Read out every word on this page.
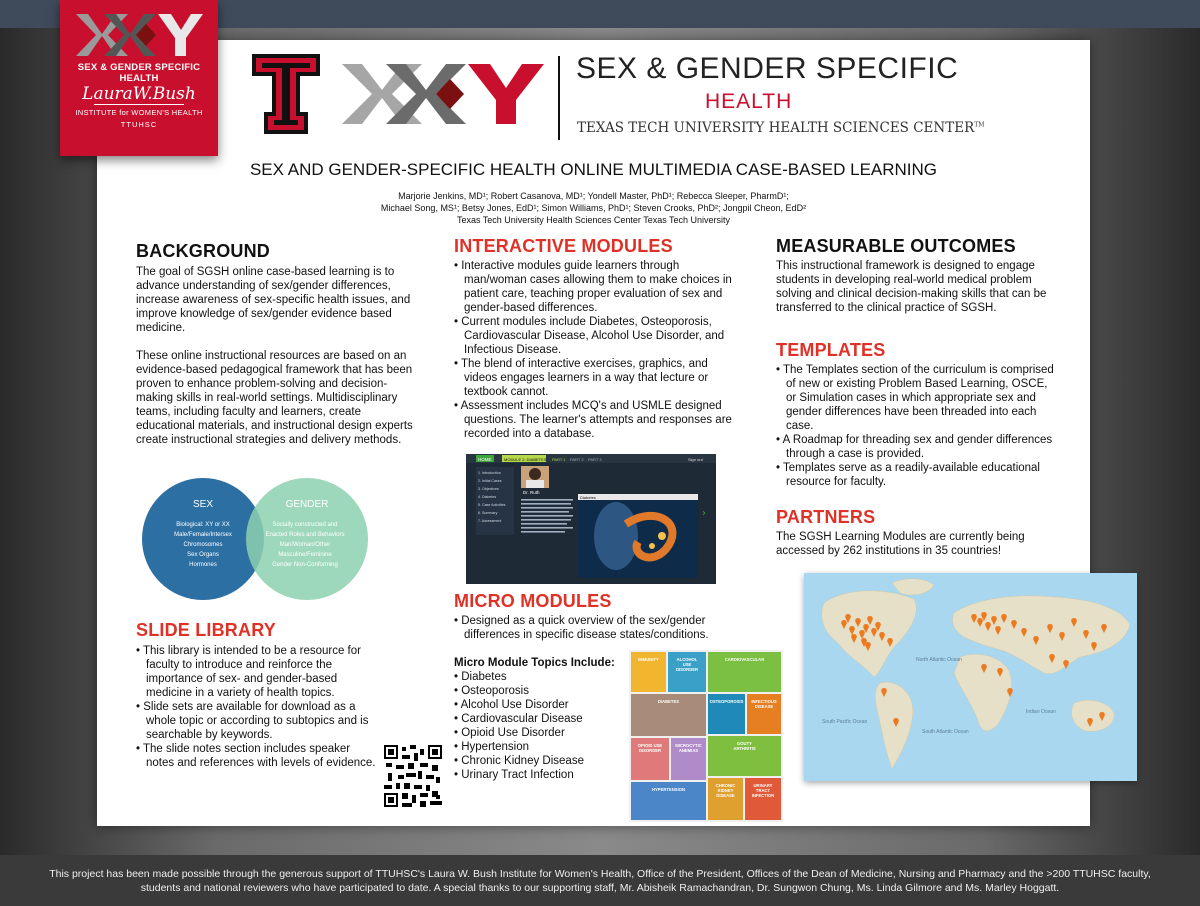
SEX & GENDER SPECIFIC HEALTH
LauraW.Bush
INSTITUTE for WOMEN'S HEALTH
TTUHSC
SEX & GENDER SPECIFIC
HEALTH
TEXAS TECH UNIVERSITY HEALTH SCIENCES CENTER™
SEX AND GENDER-SPECIFIC HEALTH ONLINE MULTIMEDIA CASE-BASED LEARNING
Marjorie Jenkins, MD¹; Robert Casanova, MD¹; Yondell Master, PhD¹; Rebecca Sleeper, PharmD¹;
Michael Song, MS¹; Betsy Jones, EdD¹; Simon Williams, PhD¹; Steven Crooks, PhD²; Jongpil Cheon, EdD²
Texas Tech University Health Sciences Center Texas Tech University
BACKGROUND

The goal of SGSH online case-based learning is to advance understanding of sex/gender differences, increase awareness of sex-specific health issues, and improve knowledge of sex/gender evidence based medicine.

These online instructional resources are based on an evidence-based pedagogical framework that has been proven to enhance problem-solving and decision-making skills in real-world settings. Multidisciplinary teams, including faculty and learners, create educational materials, and instructional design experts create instructional strategies and delivery methods.

SEX
Biological: XY or XX
Male/Female/Intersex
Chromosomes
Sex Organs
Hormones
GENDER
Socially constructed and
Enacted Roles and Behaviors
Man/Woman/Other
Masculine/Feminine
Gender Non-Conforming
SLIDE LIBRARY
• This library is intended to be a resource for faculty to introduce and reinforce the importance of sex- and gender-based medicine in a variety of health topics.
• Slide sets are available for download as a whole topic or according to subtopics and is searchable by keywords.
• The slide notes section includes speaker notes and references with levels of evidence.
INTERACTIVE MODULES
• Interactive modules guide learners through man/woman cases allowing them to make choices in patient care, teaching proper evaluation of sex and gender-based differences.
• Current modules include Diabetes, Osteoporosis, Cardiovascular Disease, Alcohol Use Disorder, and Infectious Disease.
• The blend of interactive exercises, graphics, and videos engages learners in a way that lecture or textbook cannot.
• Assessment includes MCQ's and USMLE designed questions. The learner's attempts and responses are recorded into a database.
HOME	MODULE 2: DIABETES PART 1 PART 2 PART 3	Sign out
1. Introduction
2. Initial Cases
3. Objectives
4. Diabetes
5. Case Activities
6. Summary
7. Assessment
Dr. Ruth
Diabetes
›
MICRO MODULES
• Designed as a quick overview of the sex/gender differences in specific disease states/conditions.
Micro Module Topics Include:
• Diabetes
• Osteoporosis
• Alcohol Use Disorder
• Cardiovascular Disease
• Opioid Use Disorder
• Hypertension
• Chronic Kidney Disease
• Urinary Tract Infection
IMMUNITY	ALCOHOL
USE
DISORDER
CARDIOVASCULAR
OSTEOPOROSIS INFECTIOUS
DISEASE
DIABETES
OPIOID USE
DISORDER
MICROCYTIC
ANEMIAS
GOUTY
ARTHRITIS
CHRONIC
KIDNEY
DISEASE
URINARY
TRACT
INFECTION
HYPERTENSION
MEASURABLE OUTCOMES

This instructional framework is designed to engage students in developing real-world medical problem solving and clinical decision-making skills that can be transferred to the clinical practice of SGSH.

TEMPLATES
• The Templates section of the curriculum is comprised of new or existing Problem Based Learning, OSCE, or Simulation cases in which appropriate sex and gender differences have been threaded into each case.
• A Roadmap for threading sex and gender differences through a case is provided.
• Templates serve as a readily-available educational resource for faculty.
PARTNERS

The SGSH Learning Modules are currently being accessed by 262 institutions in 35 countries!

North Atlantic Ocean
South Atlantic Ocean
Indian Ocean
South Pacific Ocean

This project has been made possible through the generous support of TTUHSC's Laura W. Bush Institute for Women's Health, Office of the President, Offices of the Dean of Medicine, Nursing and Pharmacy and the >200 TTUHSC faculty, students and national reviewers who have participated to date. A special thanks to our supporting staff, Mr. Abisheik Ramachandran, Dr. Sungwon Chung, Ms. Linda Gilmore and Ms. Marley Hoggatt.
